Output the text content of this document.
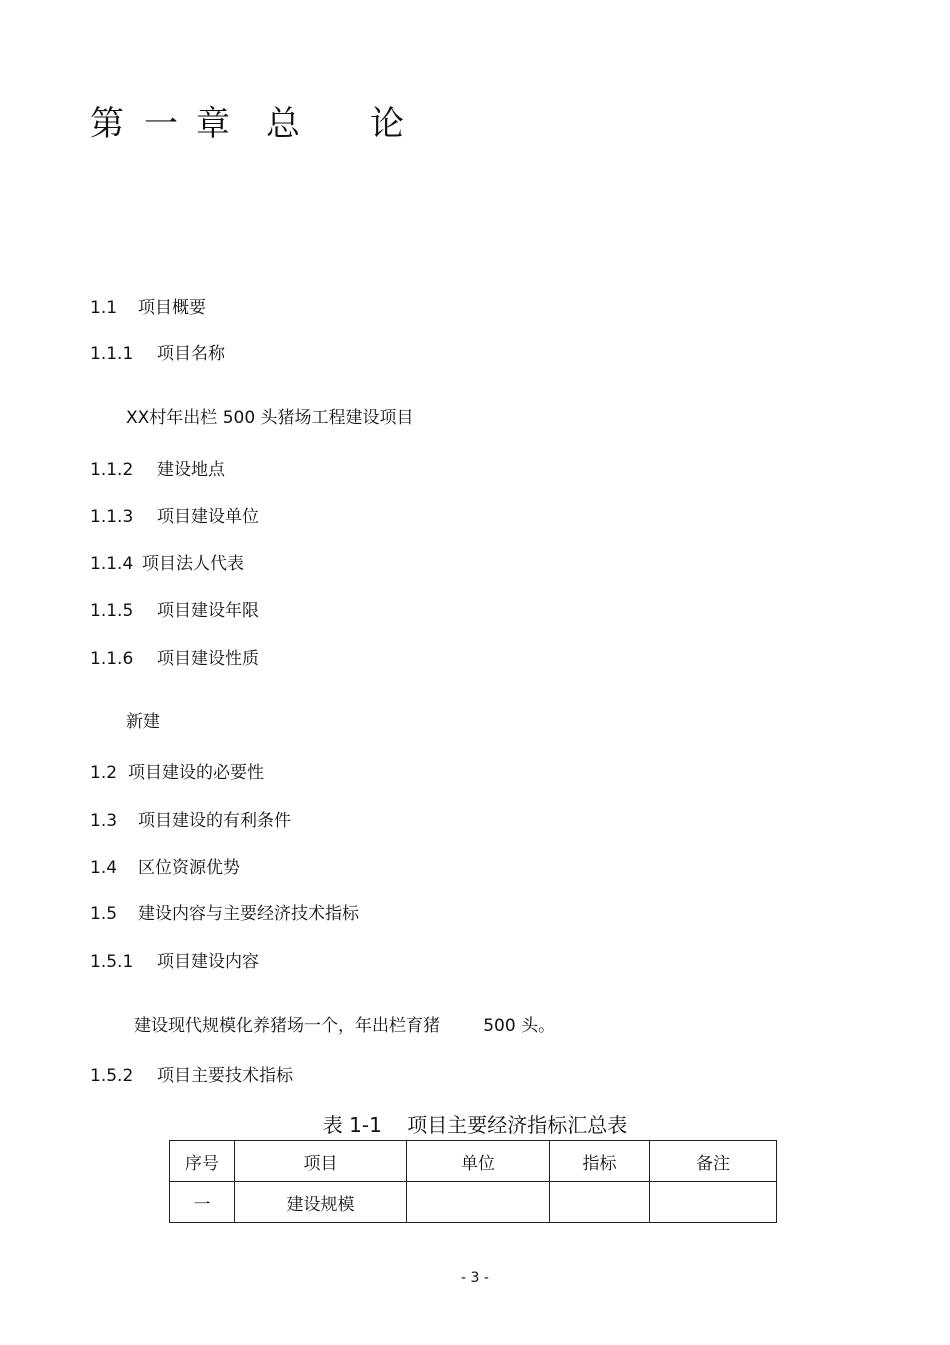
第 一 章 总 论
1.1 项目概要
1.1.1 项目名称
XX村年出栏 500 头猪场工程建设项目
1.1.2 建设地点
1.1.3 项目建设单位
1.1.4 项目法人代表
1.1.5 项目建设年限
1.1.6 项目建设性质
新建
1.2 项目建设的必要性
1.3 项目建设的有利条件
1.4 区位资源优势
1.5 建设内容与主要经济技术指标
1.5.1 项目建设内容
建设现代规模化养猪场一个，年出栏育猪        500 头。
1.5.2 项目主要技术指标
表 1-1    项目主要经济指标汇总表
序号	项目	单位	指标	备注
一	建设规模			
- 3 -
